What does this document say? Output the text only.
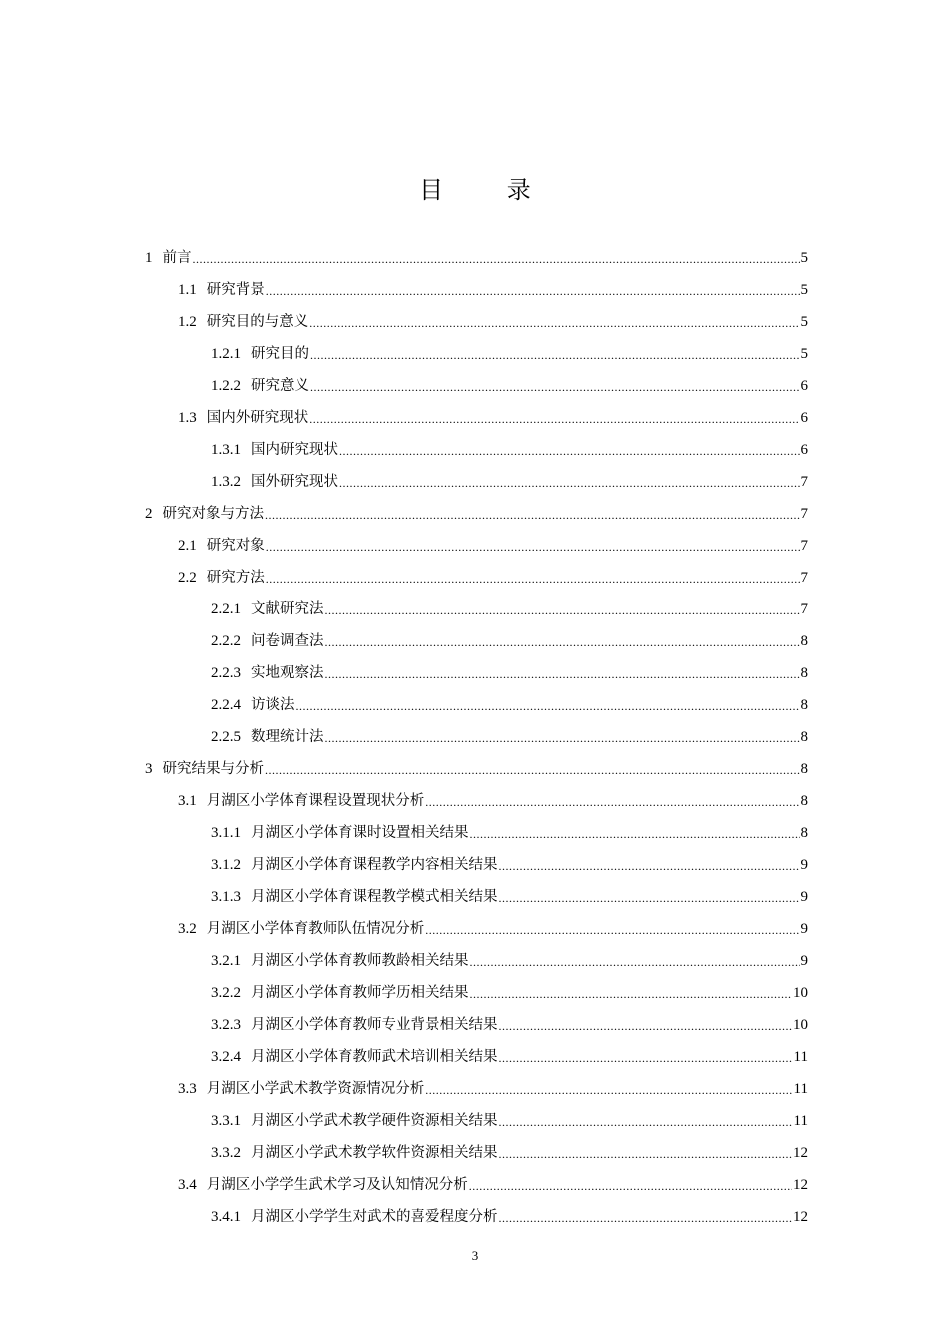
目 录
1 前言 .....	5
1.1 研究背景 .....	5
1.2 研究目的与意义 .....	5
1.2.1 研究目的 .....	5
1.2.2 研究意义 .....	6
1.3 国内外研究现状 .....	6
1.3.1 国内研究现状 .....	6
1.3.2 国外研究现状 .....	7
2 研究对象与方法 .....	7
2.1 研究对象 .....	7
2.2 研究方法 .....	7
2.2.1 文献研究法 .....	7
2.2.2 问卷调查法 .....	8
2.2.3 实地观察法 .....	8
2.2.4 访谈法 .....	8
2.2.5 数理统计法 .....	8
3 研究结果与分析 .....	8
3.1 月湖区小学体育课程设置现状分析 .....	8
3.1.1 月湖区小学体育课时设置相关结果 .....	8
3.1.2 月湖区小学体育课程教学内容相关结果 .....	9
3.1.3 月湖区小学体育课程教学模式相关结果 .....	9
3.2 月湖区小学体育教师队伍情况分析 .....	9
3.2.1 月湖区小学体育教师教龄相关结果 .....	9
3.2.2 月湖区小学体育教师学历相关结果 .....	10
3.2.3 月湖区小学体育教师专业背景相关结果 .....	10
3.2.4 月湖区小学体育教师武术培训相关结果 .....	11
3.3 月湖区小学武术教学资源情况分析 .....	11
3.3.1 月湖区小学武术教学硬件资源相关结果 .....	11
3.3.2 月湖区小学武术教学软件资源相关结果 .....	12
3.4 月湖区小学学生武术学习及认知情况分析 .....	12
3.4.1 月湖区小学学生对武术的喜爱程度分析 .....	12
3
